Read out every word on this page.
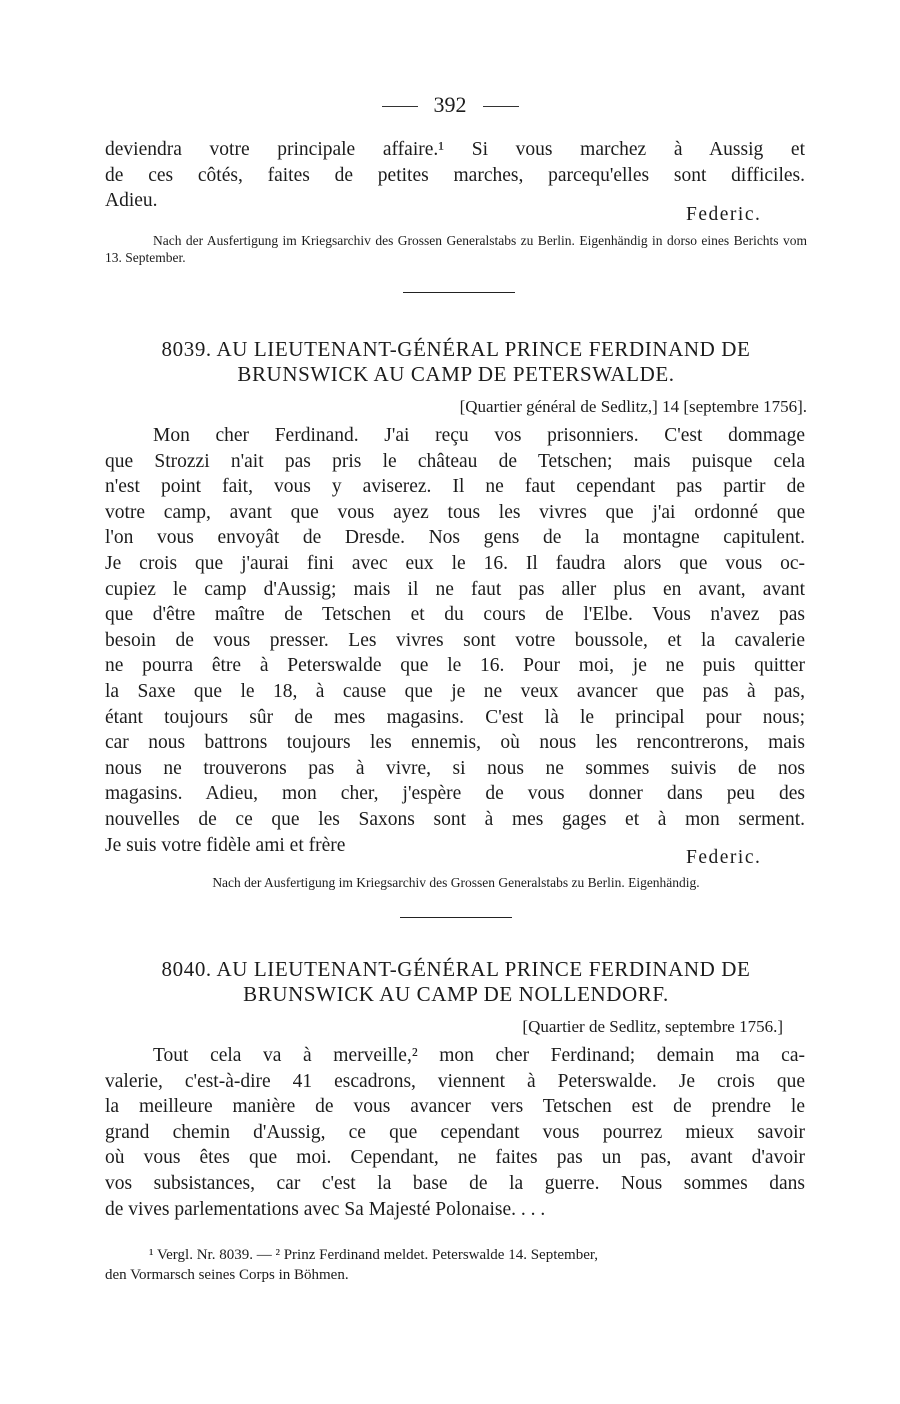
392
deviendra votre principale affaire.¹ Si vous marchez à Aussig et
de ces côtés, faites de petites marches, parcequ'elles sont difficiles.
Adieu.
Federic.
Nach der Ausfertigung im Kriegsarchiv des Grossen Generalstabs zu Berlin. Eigenhändig in dorso eines Berichts vom 13. September.
8039. AU LIEUTENANT-GÉNÉRAL PRINCE FERDINAND DE
BRUNSWICK AU CAMP DE PETERSWALDE.
[Quartier général de Sedlitz,] 14 [septembre 1756].
Mon cher Ferdinand. J'ai reçu vos prisonniers. C'est dommage
que Strozzi n'ait pas pris le château de Tetschen; mais puisque cela
n'est point fait, vous y aviserez. Il ne faut cependant pas partir de
votre camp, avant que vous ayez tous les vivres que j'ai ordonné que
l'on vous envoyât de Dresde. Nos gens de la montagne capitulent.
Je crois que j'aurai fini avec eux le 16. Il faudra alors que vous oc-
cupiez le camp d'Aussig; mais il ne faut pas aller plus en avant, avant
que d'être maître de Tetschen et du cours de l'Elbe. Vous n'avez pas
besoin de vous presser. Les vivres sont votre boussole, et la cavalerie
ne pourra être à Peterswalde que le 16. Pour moi, je ne puis quitter
la Saxe que le 18, à cause que je ne veux avancer que pas à pas,
étant toujours sûr de mes magasins. C'est là le principal pour nous;
car nous battrons toujours les ennemis, où nous les rencontrerons, mais
nous ne trouverons pas à vivre, si nous ne sommes suivis de nos
magasins. Adieu, mon cher, j'espère de vous donner dans peu des
nouvelles de ce que les Saxons sont à mes gages et à mon serment.
Je suis votre fidèle ami et frère
Federic.
Nach der Ausfertigung im Kriegsarchiv des Grossen Generalstabs zu Berlin. Eigenhändig.
8040. AU LIEUTENANT-GÉNÉRAL PRINCE FERDINAND DE
BRUNSWICK AU CAMP DE NOLLENDORF.
[Quartier de Sedlitz, septembre 1756.]
Tout cela va à merveille,² mon cher Ferdinand; demain ma ca-
valerie, c'est-à-dire 41 escadrons, viennent à Peterswalde. Je crois que
la meilleure manière de vous avancer vers Tetschen est de prendre le
grand chemin d'Aussig, ce que cependant vous pourrez mieux savoir
où vous êtes que moi. Cependant, ne faites pas un pas, avant d'avoir
vos subsistances, car c'est la base de la guerre. Nous sommes dans
de vives parlementations avec Sa Majesté Polonaise. . . .
¹ Vergl. Nr. 8039. — ² Prinz Ferdinand meldet. Peterswalde 14. September,
den Vormarsch seines Corps in Böhmen.
